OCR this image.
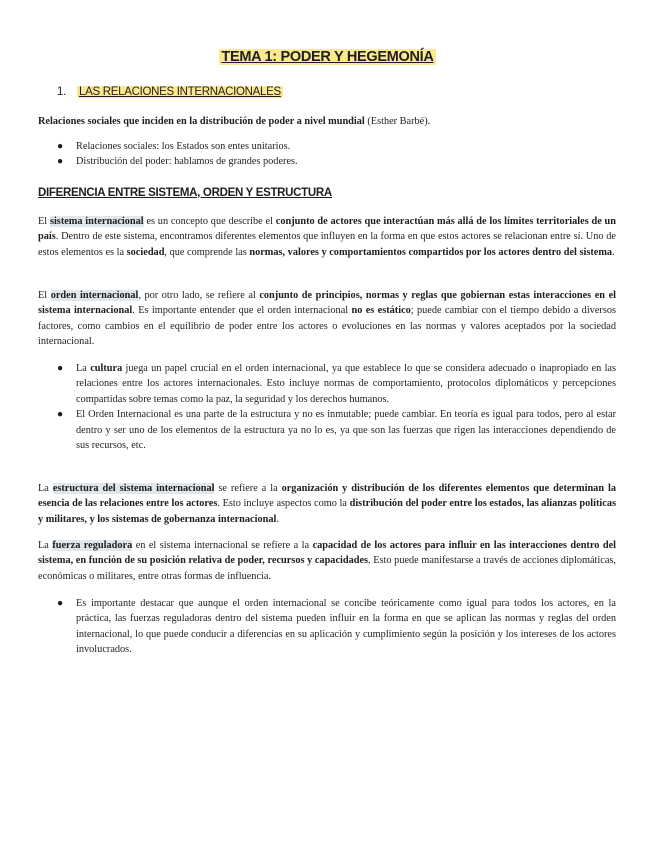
TEMA 1: PODER Y HEGEMONÍA
1. LAS RELACIONES INTERNACIONALES

Relaciones sociales que inciden en la distribución de poder a nivel mundial (Esther Barbé).

● Relaciones sociales: los Estados son entes unitarios.
● Distribución del poder: hablamos de grandes poderes.
DIFERENCIA ENTRE SISTEMA, ORDEN Y ESTRUCTURA

El sistema internacional es un concepto que describe el conjunto de actores que interactúan más allá de los límites territoriales de un país. Dentro de este sistema, encontramos diferentes elementos que influyen en la forma en que estos actores se relacionan entre sí. Uno de estos elementos es la sociedad, que comprende las normas, valores y comportamientos compartidos por los actores dentro del sistema.

El orden internacional, por otro lado, se refiere al conjunto de principios, normas y reglas que gobiernan estas interacciones en el sistema internacional. Es importante entender que el orden internacional no es estático; puede cambiar con el tiempo debido a diversos factores, como cambios en el equilibrio de poder entre los actores o evoluciones en las normas y valores aceptados por la sociedad internacional.

● La cultura juega un papel crucial en el orden internacional, ya que establece lo que se considera adecuado o inapropiado en las relaciones entre los actores internacionales. Esto incluye normas de comportamiento, protocolos diplomáticos y percepciones compartidas sobre temas como la paz, la seguridad y los derechos humanos.
● El Orden Internacional es una parte de la estructura y no es inmutable; puede cambiar. En teoría es igual para todos, pero al estar dentro y ser uno de los elementos de la estructura ya no lo es, ya que son las fuerzas que rigen las interacciones dependiendo de sus recursos, etc.

La estructura del sistema internacional se refiere a la organización y distribución de los diferentes elementos que determinan la esencia de las relaciones entre los actores. Esto incluye aspectos como la distribución del poder entre los estados, las alianzas políticas y militares, y los sistemas de gobernanza internacional.

La fuerza reguladora en el sistema internacional se refiere a la capacidad de los actores para influir en las interacciones dentro del sistema, en función de su posición relativa de poder, recursos y capacidades. Esto puede manifestarse a través de acciones diplomáticas, económicas o militares, entre otras formas de influencia.

● Es importante destacar que aunque el orden internacional se concibe teóricamente como igual para todos los actores, en la práctica, las fuerzas reguladoras dentro del sistema pueden influir en la forma en que se aplican las normas y reglas del orden internacional, lo que puede conducir a diferencias en su aplicación y cumplimiento según la posición y los intereses de los actores involucrados.
